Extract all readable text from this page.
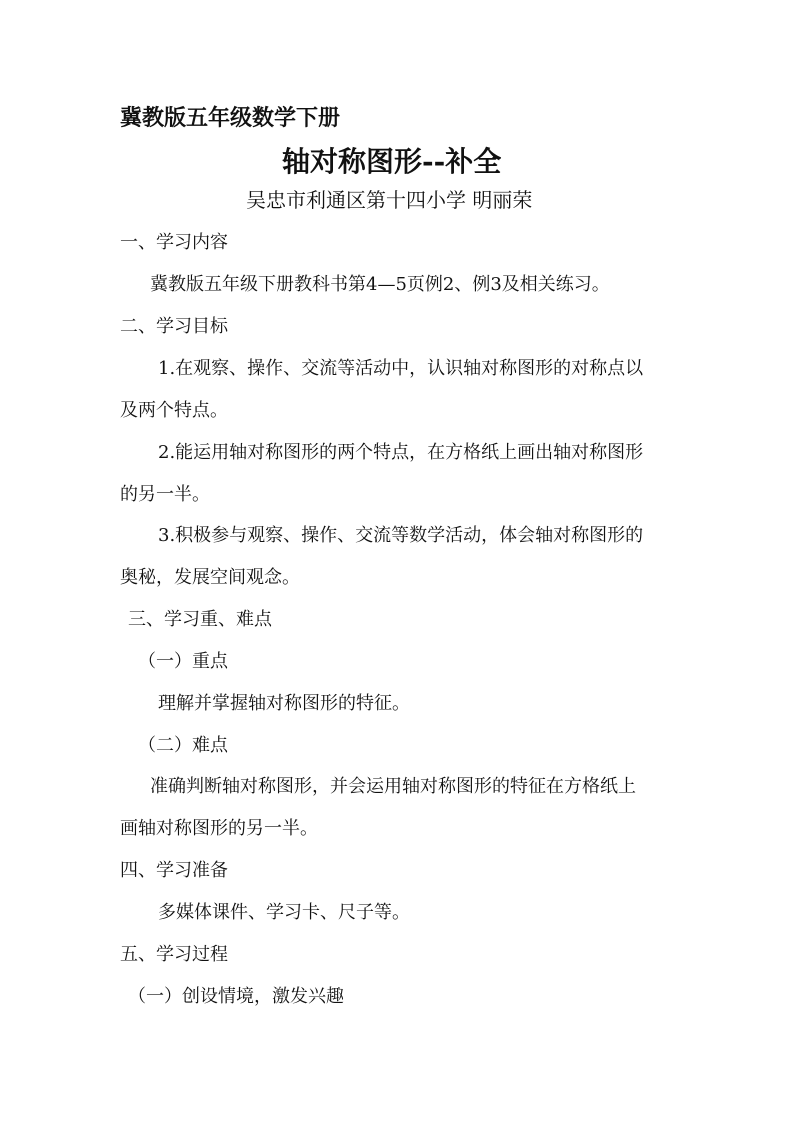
冀教版五年级数学下册
轴对称图形--补全
吴忠市利通区第十四小学 明丽荣
一、学习内容
冀教版五年级下册教科书第4—5页例2、例3及相关练习。
二、学习目标
1.在观察、操作、交流等活动中，认识轴对称图形的对称点以
及两个特点。
2.能运用轴对称图形的两个特点，在方格纸上画出轴对称图形
的另一半。
3.积极参与观察、操作、交流等数学活动，体会轴对称图形的
奥秘，发展空间观念。
三、学习重、难点
（一）重点
理解并掌握轴对称图形的特征。
（二）难点
准确判断轴对称图形，并会运用轴对称图形的特征在方格纸上
画轴对称图形的另一半。
四、学习准备
多媒体课件、学习卡、尺子等。
五、学习过程
（一）创设情境，激发兴趣
